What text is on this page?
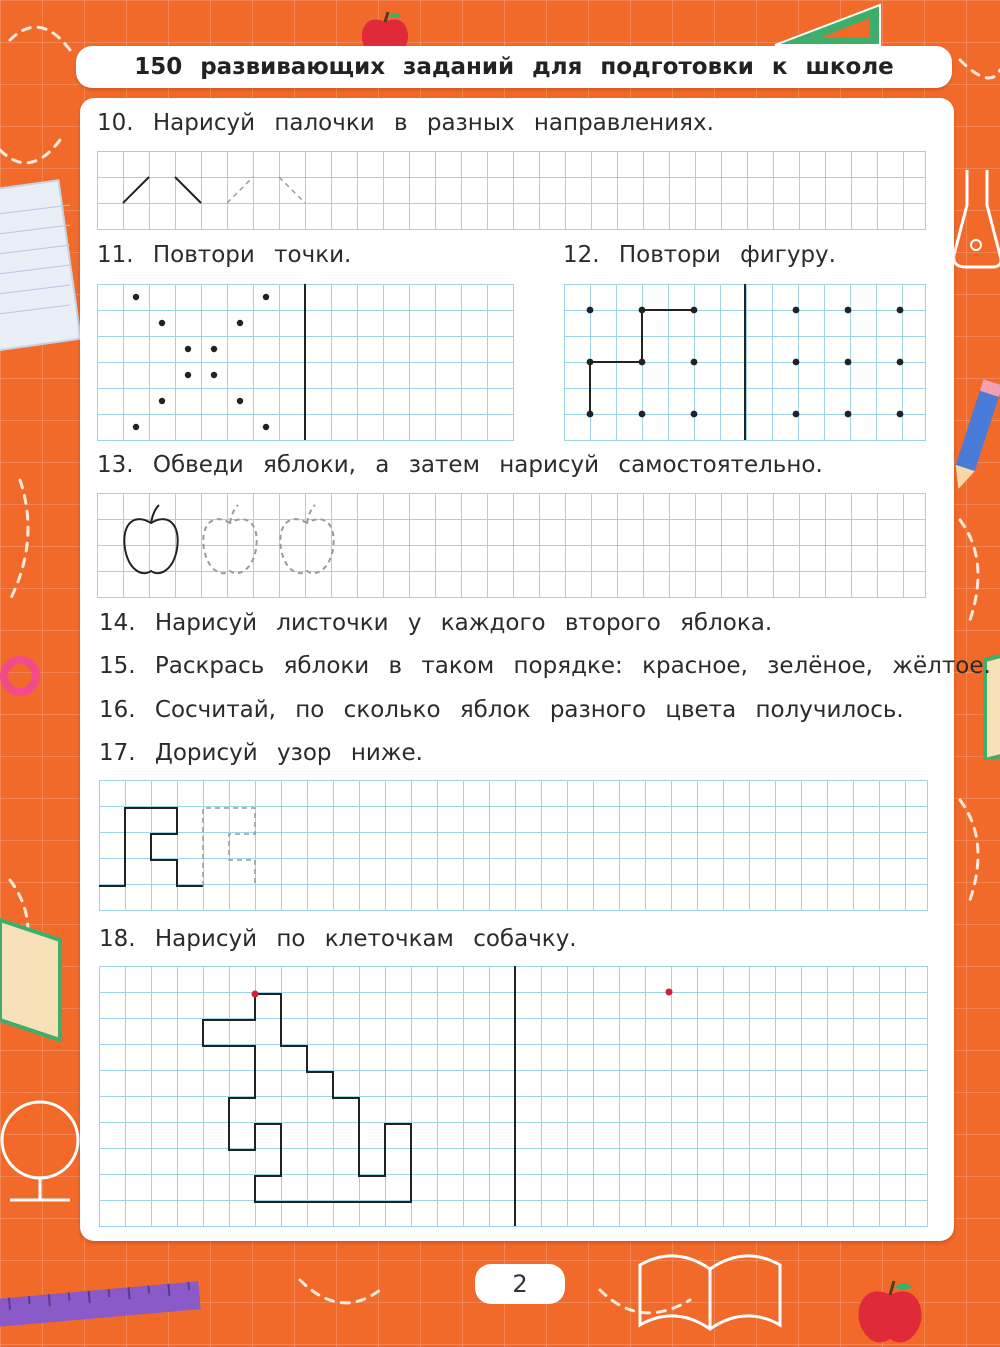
150 развивающих заданий для подготовки к школе
10. Нарисуй палочки в разных направлениях.
11. Повтори точки.	12. Повтори фигуру.
13. Обведи яблоки, а затем нарисуй самостоятельно.
14. Нарисуй листочки у каждого второго яблока.
15. Раскрась яблоки в таком порядке: красное, зелёное, жёлтое.
16. Сосчитай, по сколько яблок разного цвета получилось.
17. Дорисуй узор ниже.
18. Нарисуй по клеточкам собачку.
2
